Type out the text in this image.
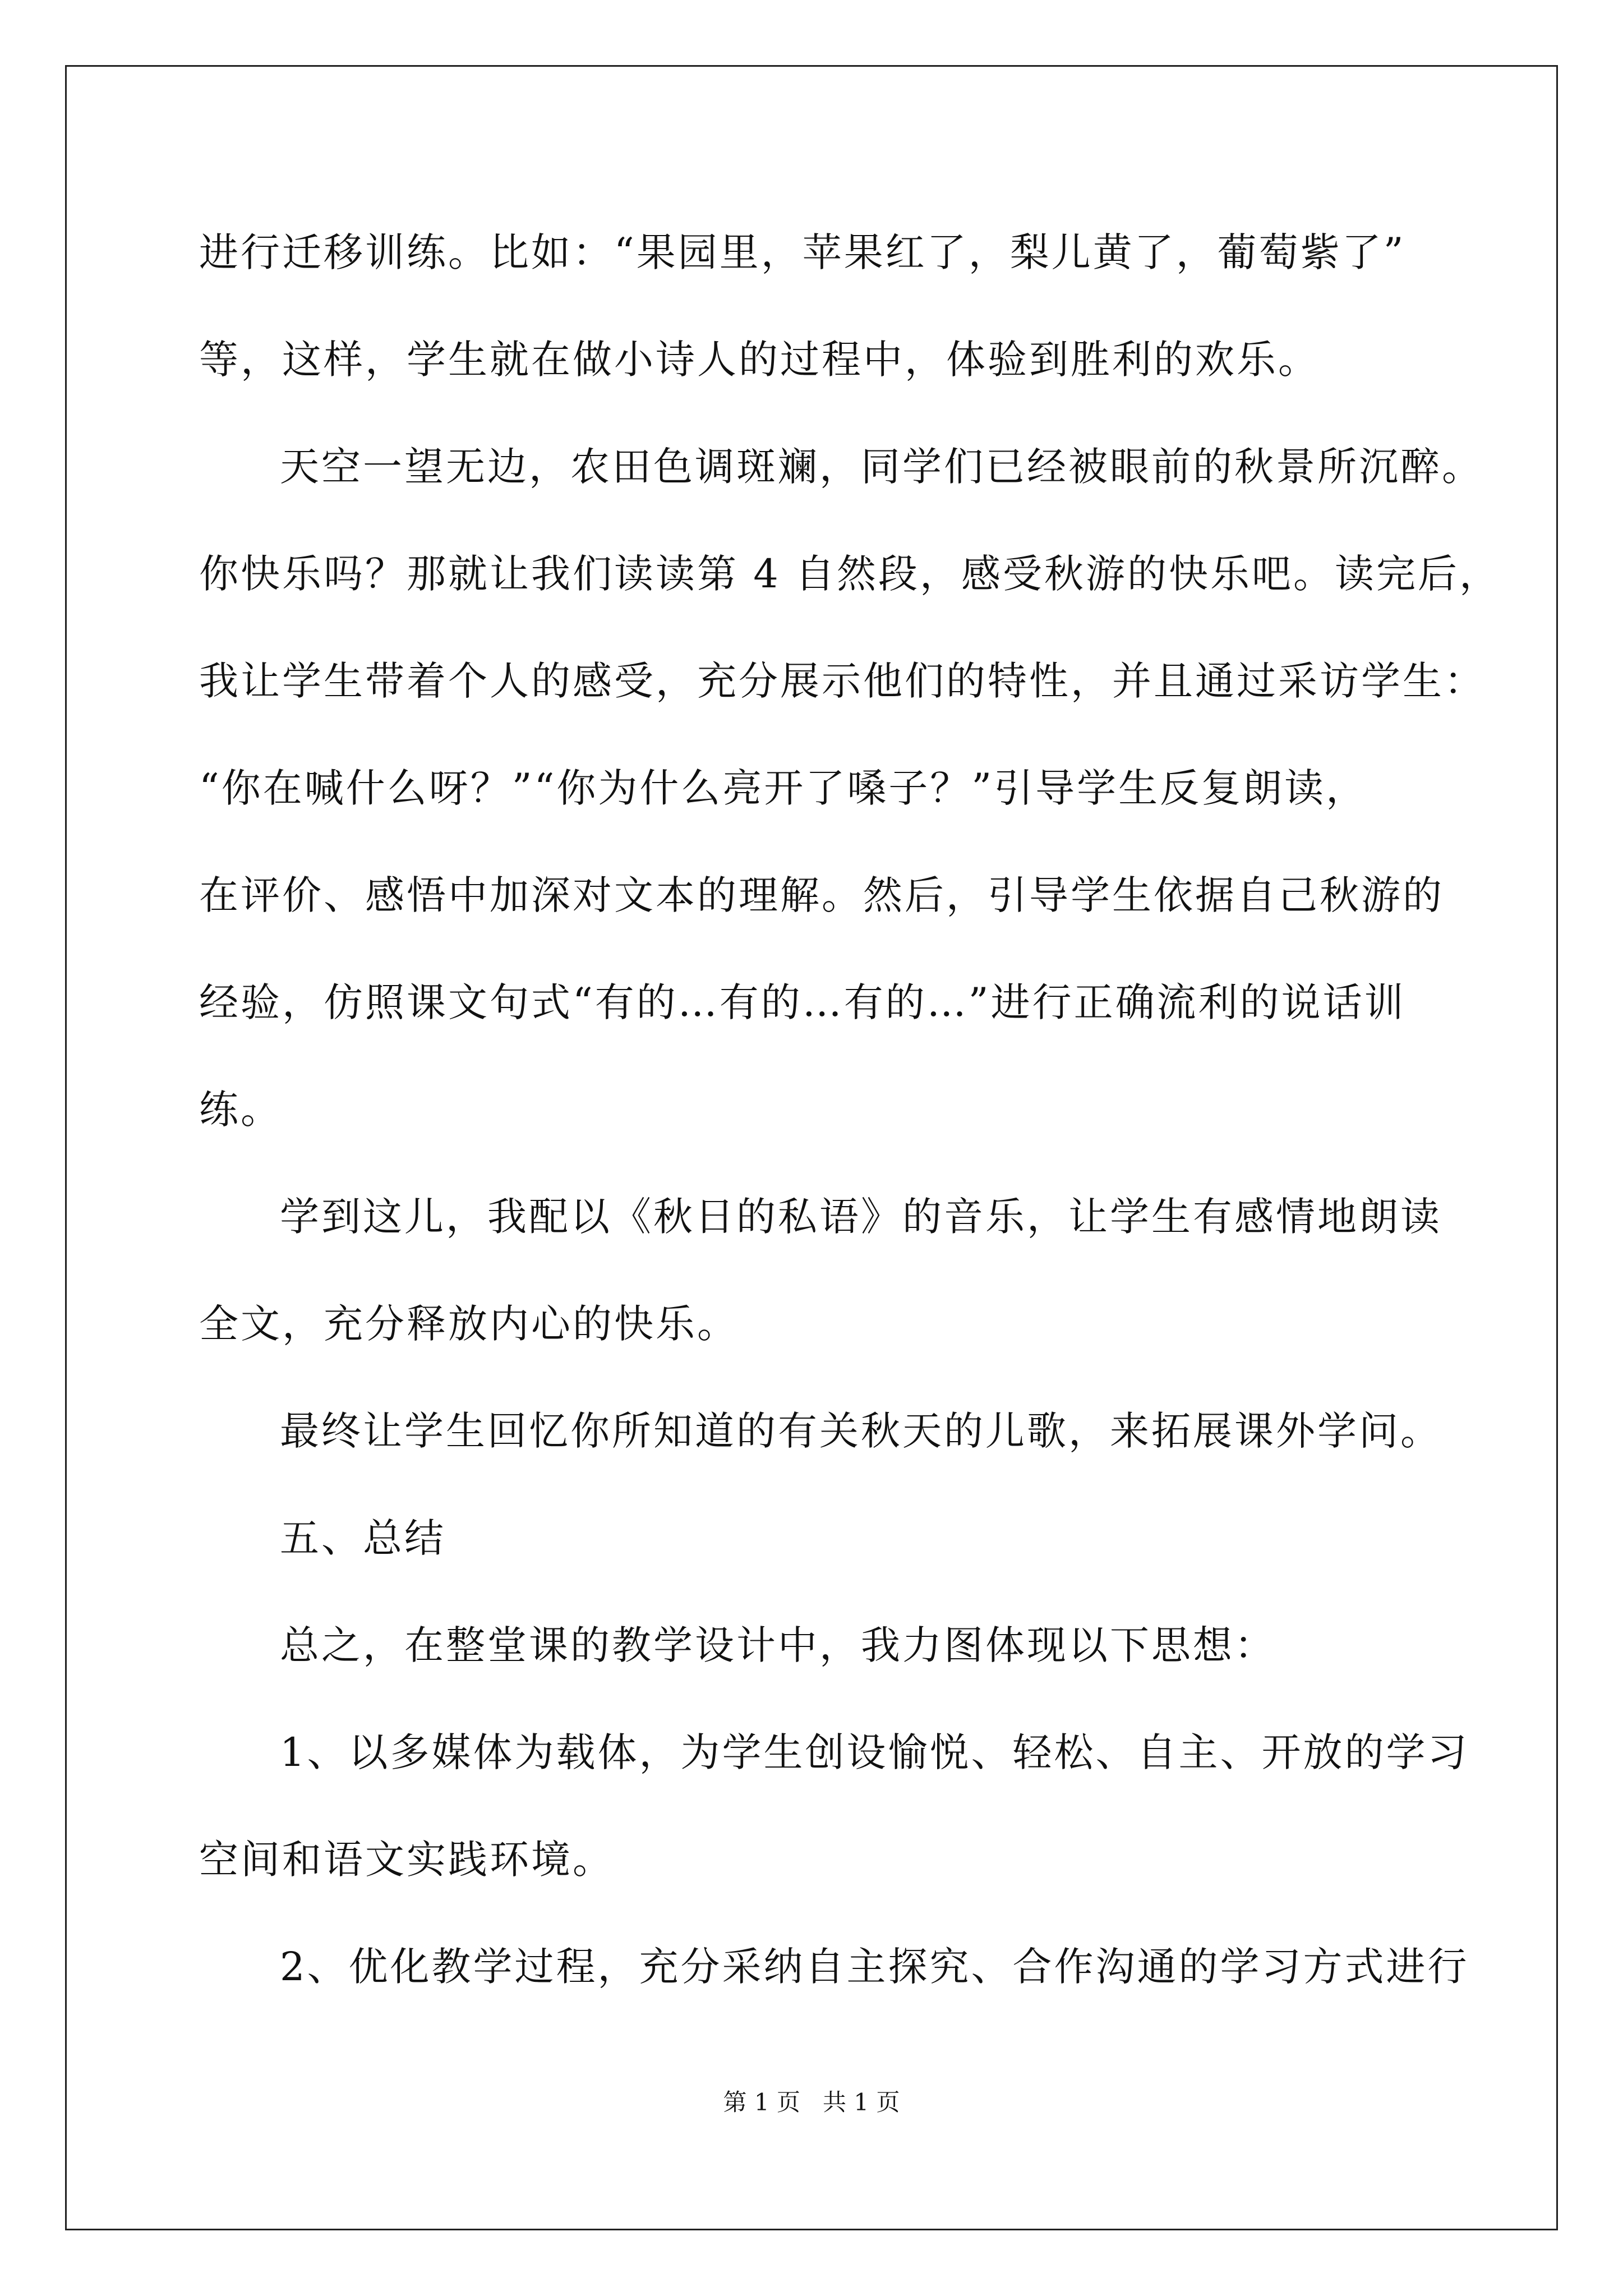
进行迁移训练。比如：“果园里，苹果红了，梨儿黄了，葡萄紫了”
等，这样，学生就在做小诗人的过程中，体验到胜利的欢乐。
天空一望无边，农田色调斑斓，同学们已经被眼前的秋景所沉醉。
你快乐吗？那就让我们读读第 4 自然段，感受秋游的快乐吧。读完后，
我让学生带着个人的感受，充分展示他们的特性，并且通过采访学生：
“你在喊什么呀？”“你为什么亮开了嗓子？”引导学生反复朗读，
在评价、感悟中加深对文本的理解。然后，引导学生依据自己秋游的
经验，仿照课文句式“有的…有的…有的…”进行正确流利的说话训
练。
学到这儿，我配以《秋日的私语》的音乐，让学生有感情地朗读
全文，充分释放内心的快乐。
最终让学生回忆你所知道的有关秋天的儿歌，来拓展课外学问。
五、总结
总之，在整堂课的教学设计中，我力图体现以下思想：
1、以多媒体为载体，为学生创设愉悦、轻松、自主、开放的学习
空间和语文实践环境。
2、优化教学过程，充分采纳自主探究、合作沟通的学习方式进行
第 1 页   共 1 页
